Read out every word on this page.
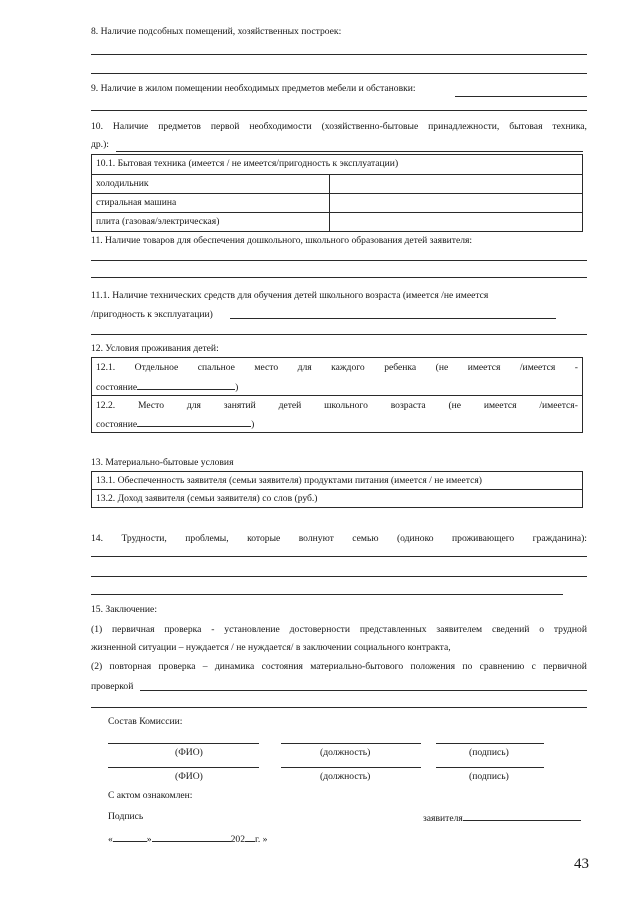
8. Наличие подсобных помещений, хозяйственных построек:
9. Наличие в жилом помещении необходимых предметов мебели и обстановки:
10. Наличие предметов первой необходимости (хозяйственно-бытовые принадлежности, бытовая техника,
др.):
10.1. Бытовая техника (имеется / не имеется/пригодность к эксплуатации)
холодильник
стиральная машина
плита (газовая/электрическая)
11. Наличие товаров для обеспечения дошкольного, школьного образования детей заявителя:
11.1. Наличие технических средств для обучения детей школьного возраста (имеется /не имеется
/пригодность к эксплуатации)
12. Условия проживания детей:
12.1. Отдельное спальное место для каждого ребенка (не имеется /имеется -
состояние	)
12.2. Место для занятий детей школьного возраста (не имеется /имеется-
состояние	)
13. Материально-бытовые условия
13.1. Обеспеченность заявителя (семьи заявителя) продуктами питания (имеется / не имеется)
13.2. Доход заявителя (семьи заявителя) со слов (руб.)
14. Трудности, проблемы, которые волнуют семью (одиноко проживающего гражданина):
15. Заключение:
(1) первичная проверка - установление достоверности представленных заявителем сведений о трудной
жизненной ситуации – нуждается / не нуждается/ в заключении социального контракта,
(2) повторная проверка – динамика состояния материально-бытового положения по сравнению с первичной
проверкой
Состав Комиссии:
(ФИО)	(должность)	(подпись)
(ФИО)	(должность)	(подпись)
С актом ознакомлен:
Подпись	заявителя
«	»	202 г. »
43
